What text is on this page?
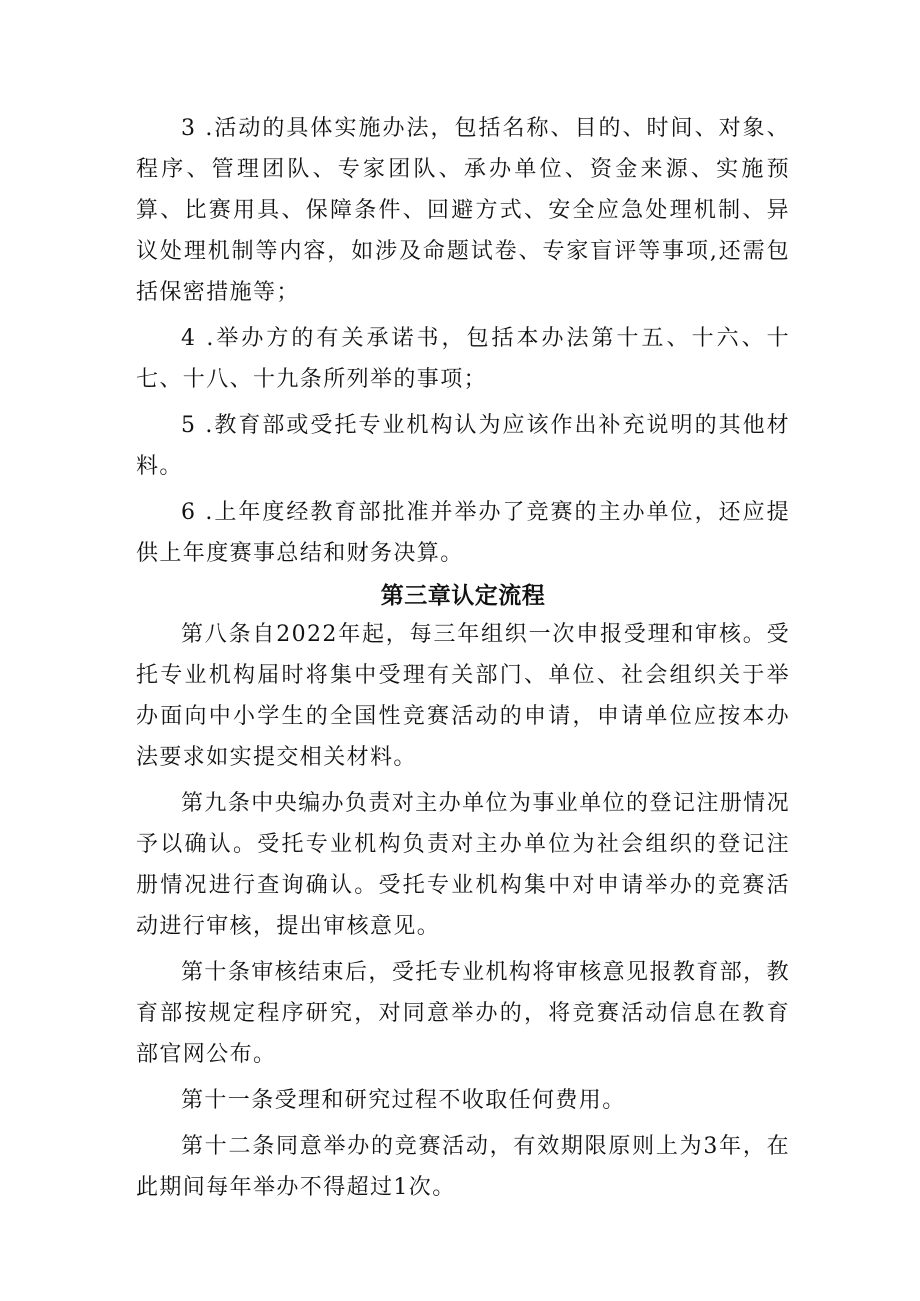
3 .活动的具体实施办法，包括名称、目的、时间、对象、程序、管理团队、专家团队、承办单位、资金来源、实施预算、比赛用具、保障条件、回避方式、安全应急处理机制、异议处理机制等内容，如涉及命题试卷、专家盲评等事项,还需包括保密措施等；

4 .举办方的有关承诺书，包括本办法第十五、十六、十七、十八、十九条所列举的事项；

5 .教育部或受托专业机构认为应该作出补充说明的其他材料。

6 .上年度经教育部批准并举办了竞赛的主办单位，还应提供上年度赛事总结和财务决算。

第三章认定流程

第八条自2022年起，每三年组织一次申报受理和审核。受托专业机构届时将集中受理有关部门、单位、社会组织关于举办面向中小学生的全国性竞赛活动的申请，申请单位应按本办法要求如实提交相关材料。

第九条中央编办负责对主办单位为事业单位的登记注册情况予以确认。受托专业机构负责对主办单位为社会组织的登记注册情况进行查询确认。受托专业机构集中对申请举办的竞赛活动进行审核，提出审核意见。

第十条审核结束后，受托专业机构将审核意见报教育部，教育部按规定程序研究，对同意举办的，将竞赛活动信息在教育部官网公布。

第十一条受理和研究过程不收取任何费用。

第十二条同意举办的竞赛活动，有效期限原则上为3年，在此期间每年举办不得超过1次。
